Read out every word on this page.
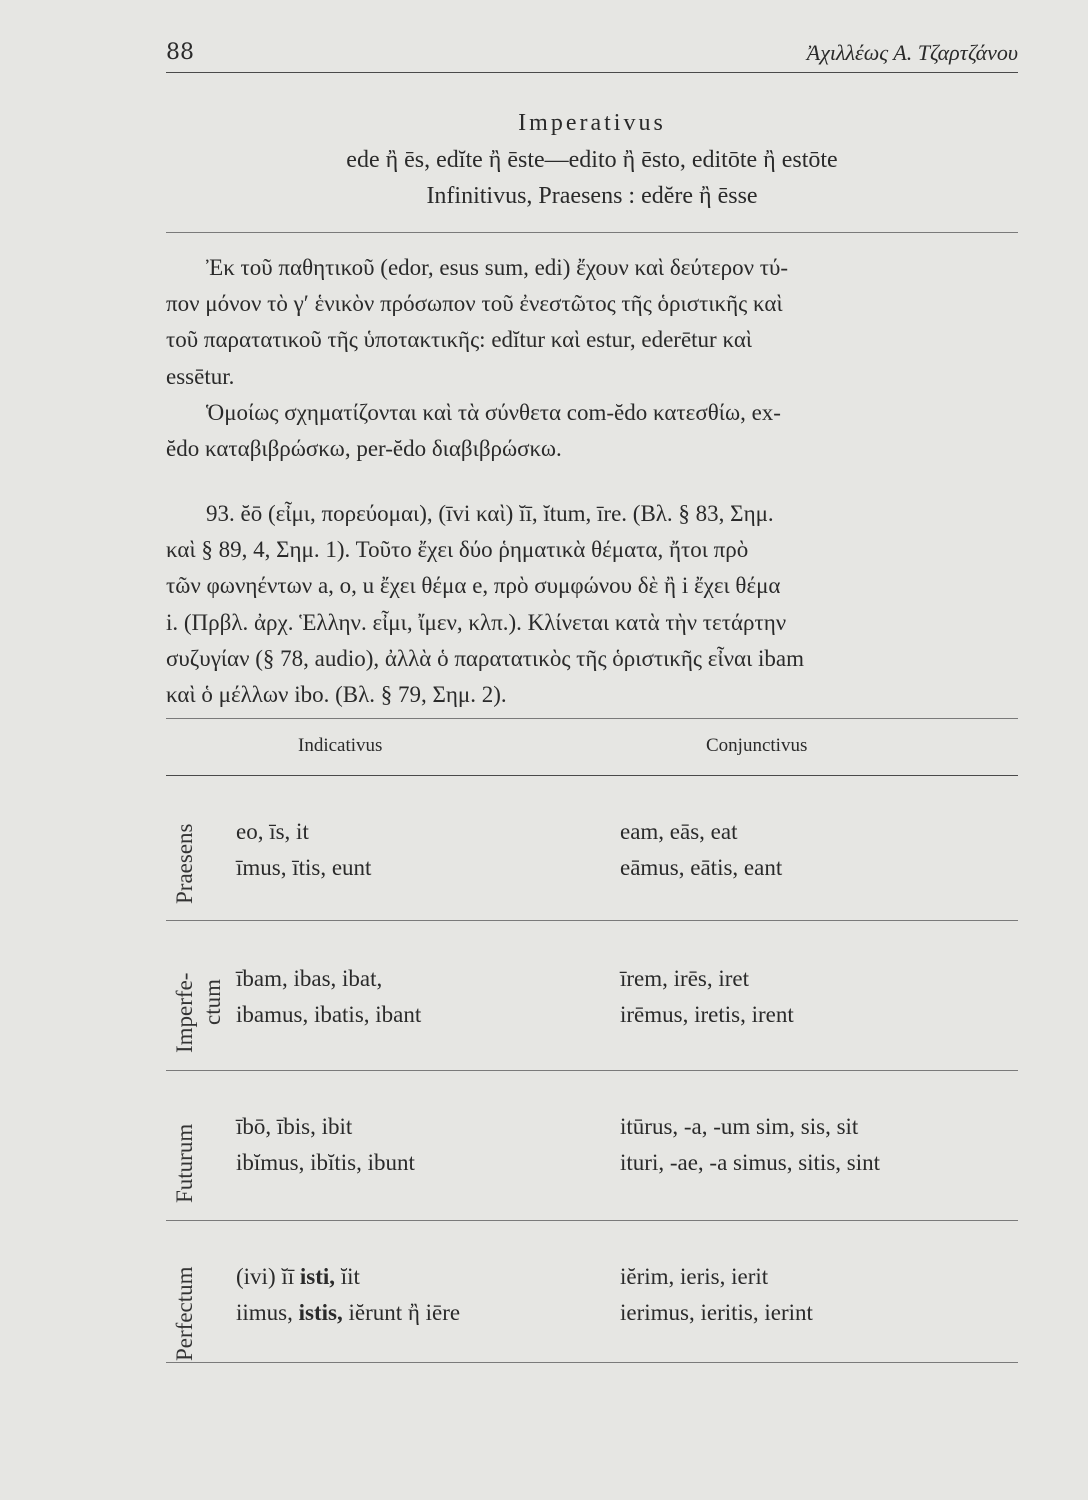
88	Ἀχιλλέως Α. Τζαρτζάνου
Imperativus
ede ἢ ēs, edĭte ἢ ēste—edito ἢ ēsto, editōte ἢ estōte
Infinitivus, Praesens : edĕre ἢ ēsse

Ἐκ τοῦ παθητικοῦ (edor, esus sum, edi) ἔχουν καὶ δεύτερον τύ-

πον μόνον τὸ γʹ ἑνικὸν πρόσωπον τοῦ ἐνεστῶτος τῆς ὁριστικῆς καὶ

τοῦ παρατατικοῦ τῆς ὑποτακτικῆς: edĭtur καὶ estur, ederētur καὶ

essētur.

Ὁμοίως σχηματίζονται καὶ τὰ σύνθετα com-ĕdo κατεσθίω, ex-

ĕdo καταβιβρώσκω, per-ĕdo διαβιβρώσκω.

93. ĕō (εἶμι, πορεύομαι), (īvi καὶ) ĭī, ĭtum, īre. (Βλ. § 83, Σημ.

καὶ § 89, 4, Σημ. 1). Τοῦτο ἔχει δύο ῥηματικὰ θέματα, ἤτοι πρὸ

τῶν φωνηέντων a, o, u ἔχει θέμα e, πρὸ συμφώνου δὲ ἢ i ἔχει θέμα

i. (Πρβλ. ἀρχ. Ἑλλην. εἶμι, ἴμεν, κλπ.). Κλίνεται κατὰ τὴν τετάρτην

συζυγίαν (§ 78, audio), ἀλλὰ ὁ παρατατικὸς τῆς ὁριστικῆς εἶναι ibam

καὶ ὁ μέλλων ibo. (Βλ. § 79, Σημ. 2).

Indicativus	Conjunctivus
Praesens eo, īs, it
īmus, ītis, eunt
eam, eās, eat
eāmus, eātis, eant
Imperfe- ctum
ībam, ibas, ibat,
ibamus, ibatis, ibant
īrem, irēs, iret
irēmus, iretis, irent
Futurum ībō, ībis, ibit
ibĭmus, ibĭtis, ibunt
itūrus, -a, -um sim, sis, sit
ituri, -ae, -a simus, sitis, sint
Perfectum (ivi) ĭī isti, ĭit
iimus, istis, iĕrunt ἢ iēre
iĕrim, ieris, ierit
ierimus, ieritis, ierint
